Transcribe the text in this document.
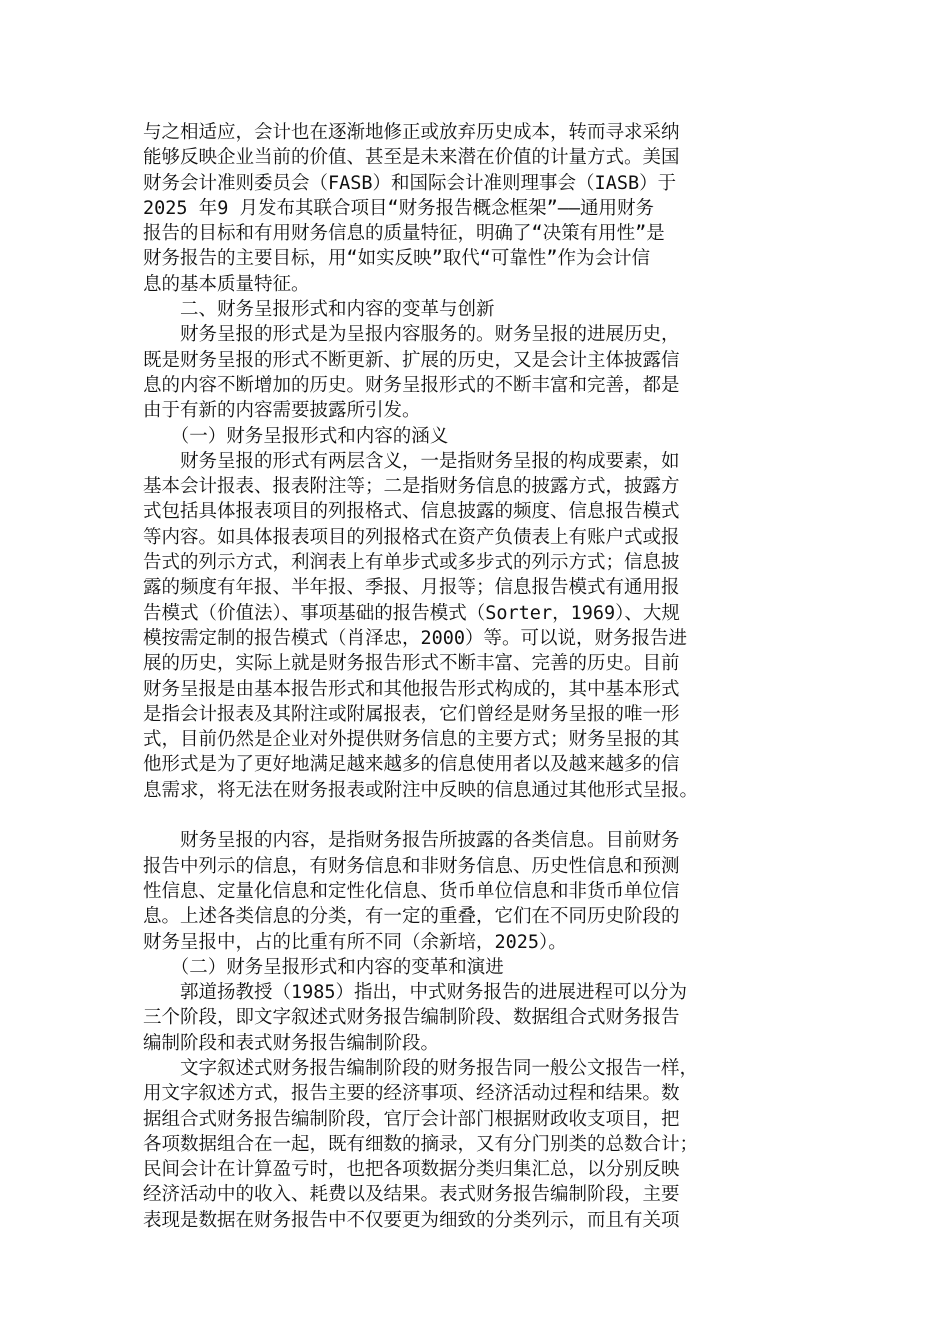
与之相适应，会计也在逐渐地修正或放弃历史成本，转而寻求采纳
能够反映企业当前的价值、甚至是未来潜在价值的计量方式。美国
财务会计准则委员会（FASB）和国际会计准则理事会（IASB）于
2025 年9 月发布其联合项目“财务报告概念框架”——通用财务
报告的目标和有用财务信息的质量特征，明确了“决策有用性”是
财务报告的主要目标，用“如实反映”取代“可靠性”作为会计信
息的基本质量特征。
　　二、财务呈报形式和内容的变革与创新
　　财务呈报的形式是为呈报内容服务的。财务呈报的进展历史，
既是财务呈报的形式不断更新、扩展的历史，又是会计主体披露信
息的内容不断增加的历史。财务呈报形式的不断丰富和完善，都是
由于有新的内容需要披露所引发。
　　（一）财务呈报形式和内容的涵义
　　财务呈报的形式有两层含义，一是指财务呈报的构成要素，如
基本会计报表、报表附注等；二是指财务信息的披露方式，披露方
式包括具体报表项目的列报格式、信息披露的频度、信息报告模式
等内容。如具体报表项目的列报格式在资产负债表上有账户式或报
告式的列示方式，利润表上有单步式或多步式的列示方式；信息披
露的频度有年报、半年报、季报、月报等；信息报告模式有通用报
告模式（价值法）、事项基础的报告模式（Sorter，1969）、大规
模按需定制的报告模式（肖泽忠，2000）等。可以说，财务报告进
展的历史，实际上就是财务报告形式不断丰富、完善的历史。目前
财务呈报是由基本报告形式和其他报告形式构成的，其中基本形式
是指会计报表及其附注或附属报表，它们曾经是财务呈报的唯一形
式，目前仍然是企业对外提供财务信息的主要方式；财务呈报的其
他形式是为了更好地满足越来越多的信息使用者以及越来越多的信
息需求，将无法在财务报表或附注中反映的信息通过其他形式呈报。
　　财务呈报的内容，是指财务报告所披露的各类信息。目前财务
报告中列示的信息，有财务信息和非财务信息、历史性信息和预测
性信息、定量化信息和定性化信息、货币单位信息和非货币单位信
息。上述各类信息的分类，有一定的重叠，它们在不同历史阶段的
财务呈报中，占的比重有所不同（余新培，2025）。
　　（二）财务呈报形式和内容的变革和演进
　　郭道扬教授（1985）指出，中式财务报告的进展进程可以分为
三个阶段，即文字叙述式财务报告编制阶段、数据组合式财务报告
编制阶段和表式财务报告编制阶段。
　　文字叙述式财务报告编制阶段的财务报告同一般公文报告一样，
用文字叙述方式，报告主要的经济事项、经济活动过程和结果。数
据组合式财务报告编制阶段，官厅会计部门根据财政收支项目，把
各项数据组合在一起，既有细数的摘录，又有分门别类的总数合计；
民间会计在计算盈亏时，也把各项数据分类归集汇总，以分别反映
经济活动中的收入、耗费以及结果。表式财务报告编制阶段，主要
表现是数据在财务报告中不仅要更为细致的分类列示，而且有关项
